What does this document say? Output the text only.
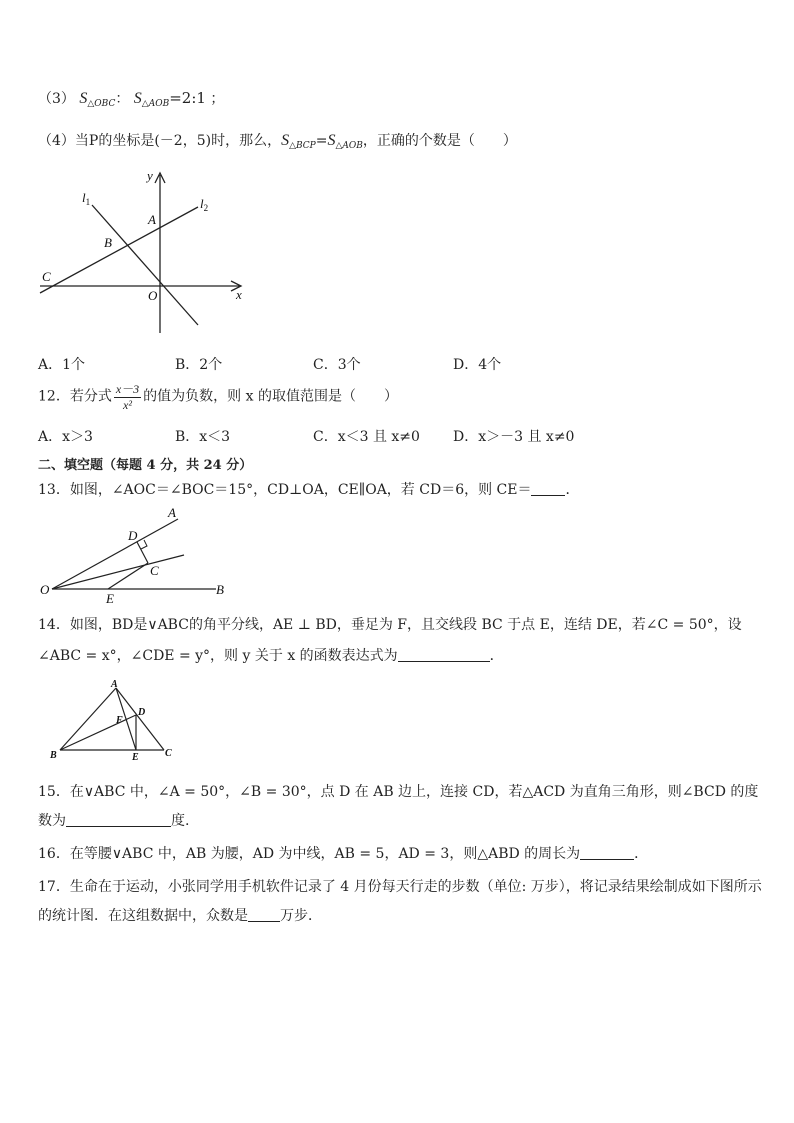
（3） $S_{\triangle OBC}$： $S_{\triangle AOB}=2:1$ ；
（4）当P的坐标是(－2，5)时，那么，$S_{\triangle BCP}=S_{\triangle AOB}$，正确的个数是（　　）
y
x
$l_1$	$l_2$
A
B
C
O
A．1个	B．2个	C．3个	D．4个
12．若分式 $\frac{x-3}{\text{x²}}$ 的值为负数，则 x 的取值范围是（　　）
A．x＞3	B．x＜3	C．x＜3 且 x≠0 D．x＞－3 且 x≠0
二、填空题（每题 4 分，共 24 分）
13．如图，∠AOC＝∠BOC＝15°，CD⊥OA，CE∥OA，若 CD＝6，则 CE＝ ．
A
D
C
O
E
B
14．如图，BD是∨ABC的角平分线，AE ⊥ BD，垂足为 F，且交线段 BC 于点 E，连结 DE，若∠C = 50°，设
∠ABC = x°，∠CDE = y°，则 y 关于 x 的函数表达式为	．
A
F
D
B	E	C
15．在∨ABC 中，∠A = 50°，∠B = 30°，点 D 在 AB 边上，连接 CD，若△ACD 为直角三角形，则∠BCD 的度
数为	度.
16．在等腰∨ABC 中，AB 为腰，AD 为中线，AB = 5，AD = 3，则△ABD 的周长为	．
17．生命在于运动，小张同学用手机软件记录了 4 月份每天行走的步数（单位: 万步），将记录结果绘制成如下图所示
的统计图．在这组数据中，众数是 万步．
